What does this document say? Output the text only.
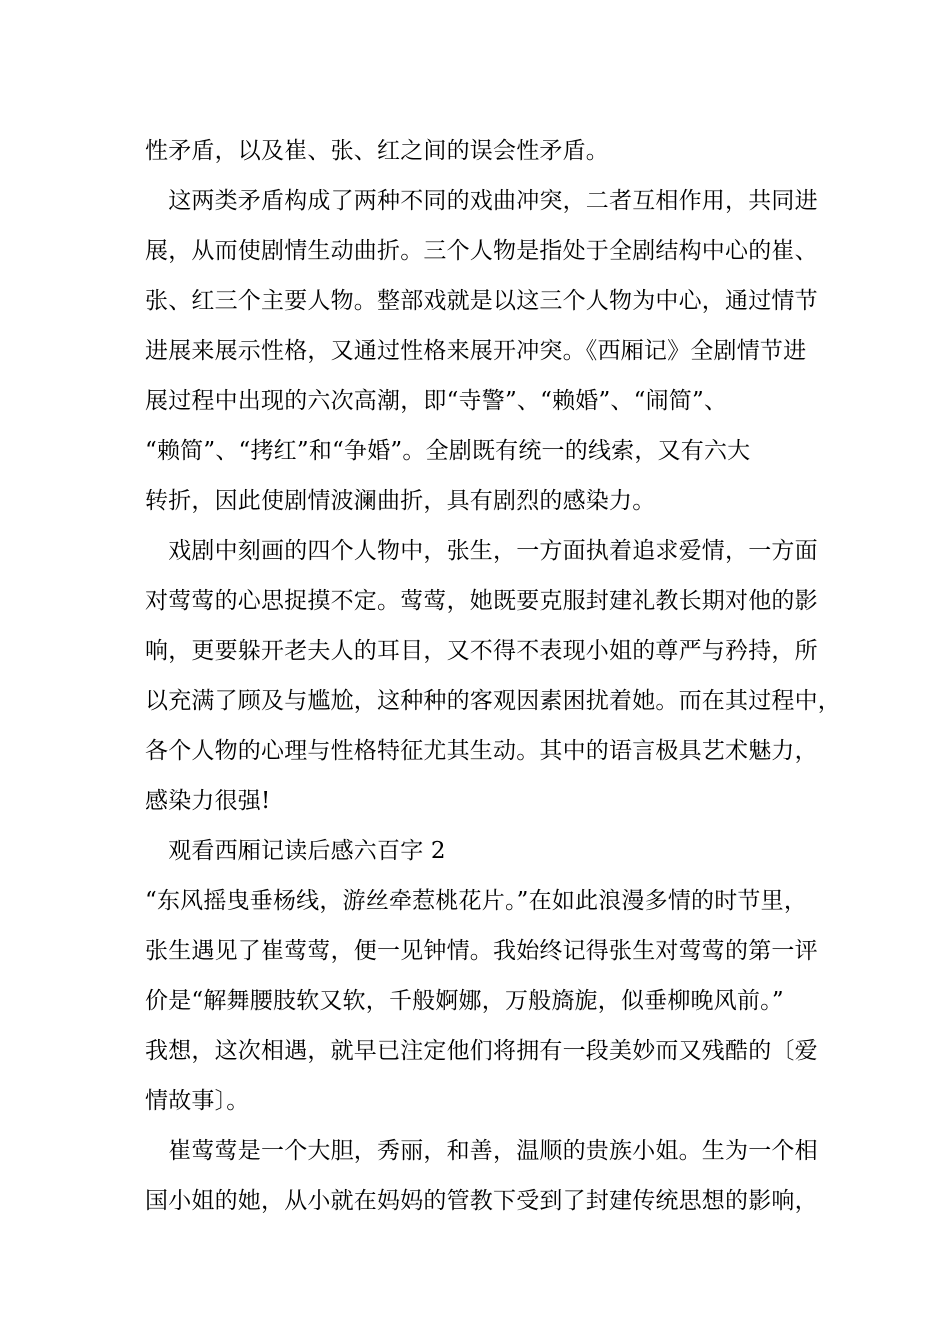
性矛盾，以及崔、张、红之间的误会性矛盾。
　这两类矛盾构成了两种不同的戏曲冲突，二者互相作用，共同进
展，从而使剧情生动曲折。三个人物是指处于全剧结构中心的崔、
张、红三个主要人物。整部戏就是以这三个人物为中心，通过情节
进展来展示性格，又通过性格来展开冲突。《西厢记》全剧情节进
展过程中出现的六次高潮，即“寺警”、“赖婚”、“闹简”、
“赖简”、“拷红”和“争婚”。全剧既有统一的线索，又有六大
转折，因此使剧情波澜曲折，具有剧烈的感染力。
　戏剧中刻画的四个人物中，张生，一方面执着追求爱情，一方面
对莺莺的心思捉摸不定。莺莺，她既要克服封建礼教长期对他的影
响，更要躲开老夫人的耳目，又不得不表现小姐的尊严与矜持，所
以充满了顾及与尴尬，这种种的客观因素困扰着她。而在其过程中，
各个人物的心理与性格特征尤其生动。其中的语言极具艺术魅力，
感染力很强!
　观看西厢记读后感六百字 2
“东风摇曳垂杨线，游丝牵惹桃花片。”在如此浪漫多情的时节里，
张生遇见了崔莺莺，便一见钟情。我始终记得张生对莺莺的第一评
价是“解舞腰肢软又软，千般婀娜，万般旖旎，似垂柳晚风前。”
我想，这次相遇，就早已注定他们将拥有一段美妙而又残酷的〔爱
情故事〕。
　崔莺莺是一个大胆，秀丽，和善，温顺的贵族小姐。生为一个相
国小姐的她，从小就在妈妈的管教下受到了封建传统思想的影响，
